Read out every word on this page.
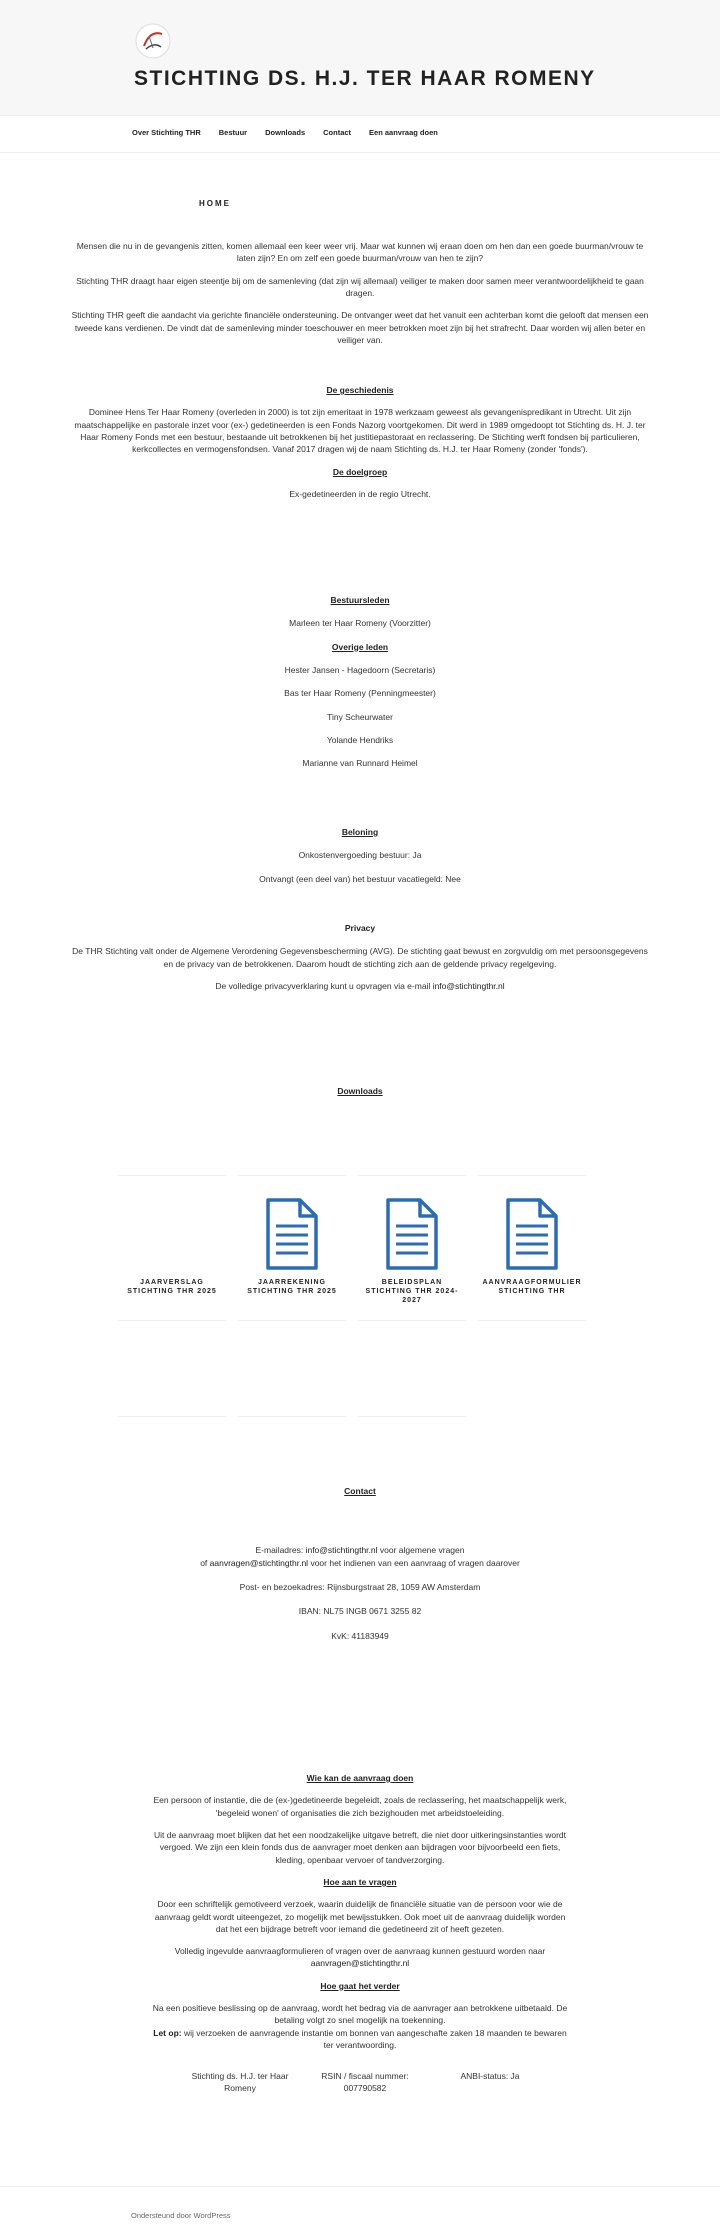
STICHTING DS. H.J. TER HAAR ROMENY
Over Stichting THR Bestuur Downloads Contact Een aanvraag doen
HOME

Mensen die nu in de gevangenis zitten, komen allemaal een keer weer vrij. Maar wat kunnen wij eraan doen om hen dan een goede buurman/vrouw te laten zijn? En om zelf een goede buurman/vrouw van hen te zijn?

Stichting THR draagt haar eigen steentje bij om de samenleving (dat zijn wij allemaal) veiliger te maken door samen meer verantwoordelijkheid te gaan dragen.

Stichting THR geeft die aandacht via gerichte financiële ondersteuning. De ontvanger weet dat het vanuit een achterban komt die gelooft dat mensen een tweede kans verdienen. De vindt dat de samenleving minder toeschouwer en meer betrokken moet zijn bij het strafrecht. Daar worden wij allen beter en veiliger van.

De geschiedenis

Dominee Hens Ter Haar Romeny (overleden in 2000) is tot zijn emeritaat in 1978 werkzaam geweest als gevangenispredikant in Utrecht. Uit zijn maatschappelijke en pastorale inzet voor (ex-) gedetineerden is een Fonds Nazorg voortgekomen. Dit werd in 1989 omgedoopt tot Stichting ds. H. J. ter Haar Romeny Fonds met een bestuur, bestaande uit betrokkenen bij het justitiepastoraat en reclassering. De Stichting werft fondsen bij particulieren, kerkcollectes en vermogensfondsen. Vanaf 2017 dragen wij de naam Stichting ds. H.J. ter Haar Romeny (zonder 'fonds').

De doelgroep

Ex-gedetineerden in de regio Utrecht.

Bestuursleden

Marleen ter Haar Romeny (Voorzitter)

Overige leden

Hester Jansen - Hagedoorn (Secretaris)

Bas ter Haar Romeny (Penningmeester)

Tiny Scheurwater

Yolande Hendriks

Marianne van Runnard Heimel

Beloning

Onkostenvergoeding bestuur: Ja

Ontvangt (een deel van) het bestuur vacatiegeld: Nee

Privacy

De THR Stichting valt onder de Algemene Verordening Gegevensbescherming (AVG). De stichting gaat bewust en zorgvuldig om met persoonsgegevens en de privacy van de betrokkenen. Daarom houdt de stichting zich aan de geldende privacy regelgeving.

De volledige privacyverklaring kunt u opvragen via e-mail info@stichtingthr.nl

Downloads

JAARVERSLAG STICHTING THR 2025
JAARREKENING STICHTING THR 2025
BELEIDSPLAN STICHTING THR 2024-2027
AANVRAAGFORMULIER STICHTING THR

Contact

E-mailadres: info@stichtingthr.nl voor algemene vragen

of aanvragen@stichtingthr.nl voor het indienen van een aanvraag of vragen daarover

Post- en bezoekadres: Rijnsburgstraat 28, 1059 AW Amsterdam

IBAN: NL75 INGB 0671 3255 82

KvK: 41183949

Wie kan de aanvraag doen

Een persoon of instantie, die de (ex-)gedetineerde begeleidt, zoals de reclassering, het maatschappelijk werk, 'begeleid wonen' of organisaties die zich bezighouden met arbeidstoeleiding.

Uit de aanvraag moet blijken dat het een noodzakelijke uitgave betreft, die niet door uitkeringsinstanties wordt vergoed. We zijn een klein fonds dus de aanvrager moet denken aan bijdragen voor bijvoorbeeld een fiets, kleding, openbaar vervoer of tandverzorging.

Hoe aan te vragen

Door een schriftelijk gemotiveerd verzoek, waarin duidelijk de financiële situatie van de persoon voor wie de aanvraag geldt wordt uiteengezet, zo mogelijk met bewijsstukken. Ook moet uit de aanvraag duidelijk worden dat het een bijdrage betreft voor iemand die gedetineerd zit of heeft gezeten.

Volledig ingevulde aanvraagformulieren of vragen over de aanvraag kunnen gestuurd worden naar aanvragen@stichtingthr.nl

Hoe gaat het verder

Na een positieve beslissing op de aanvraag, wordt het bedrag via de aanvrager aan betrokkene uitbetaald. De betaling volgt zo snel mogelijk na toekenning.

Let op: wij verzoeken de aanvragende instantie om bonnen van aangeschafte zaken 18 maanden te bewaren ter verantwoording.

Stichting ds. H.J. ter Haar Romeny
RSIN / fiscaal nummer: 007790582
ANBI-status: Ja
Ondersteund door WordPress
